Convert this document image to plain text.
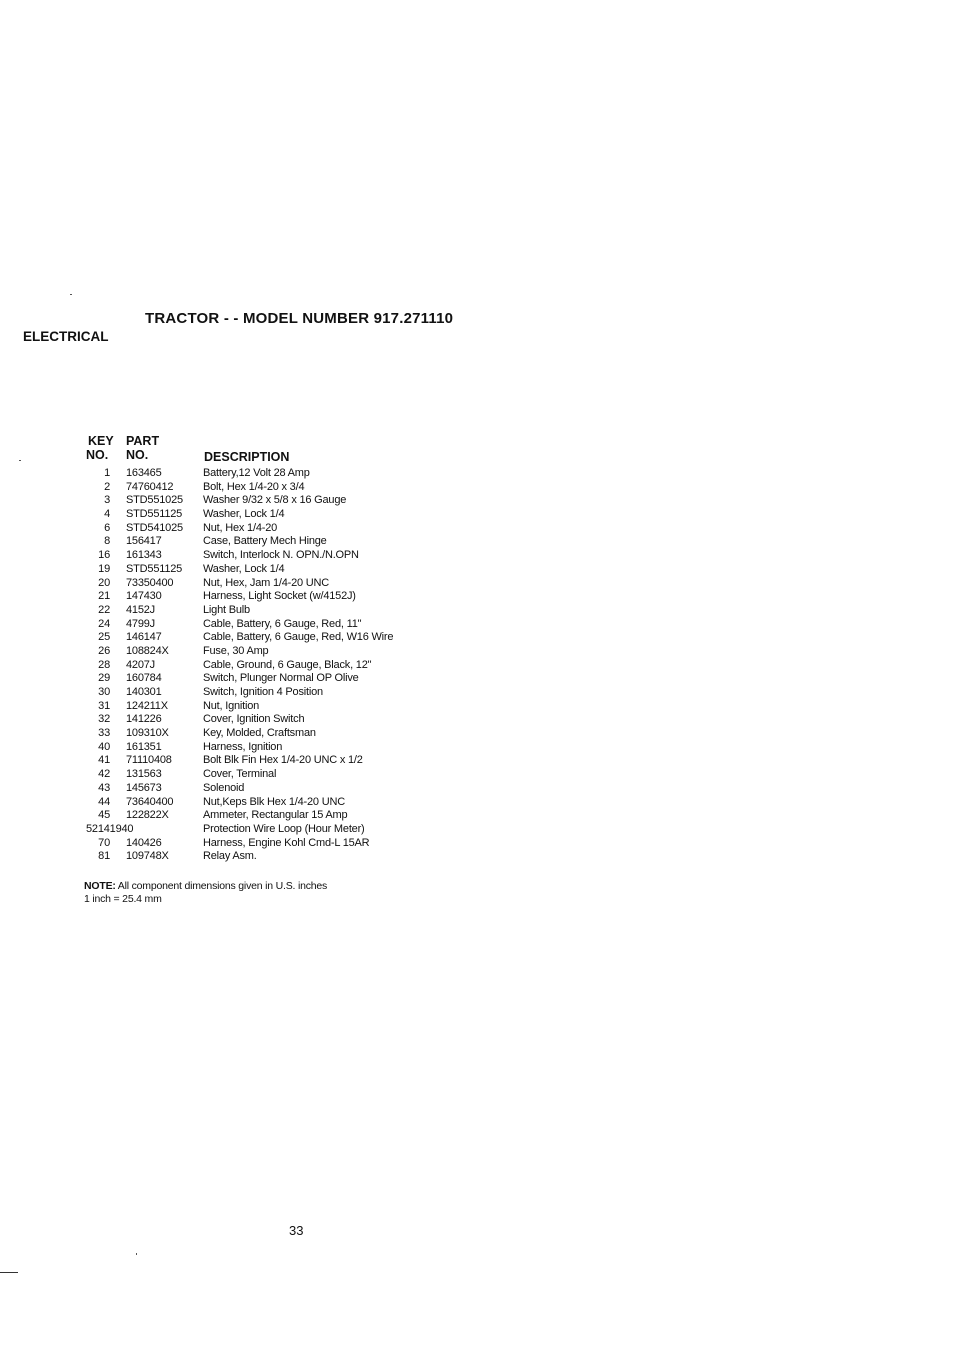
TRACTOR - - MODEL NUMBER 917.271110
ELECTRICAL
KEY
NO.
PART
NO.	DESCRIPTION
1 163465	Battery,12 Volt 28 Amp
2 74760412	Bolt, Hex 1/4-20 x 3/4
3 STD551025 Washer 9/32 x 5/8 x 16 Gauge
4 STD551125 Washer, Lock 1/4
6 STD541025 Nut, Hex 1/4-20
8 156417	Case, Battery Mech Hinge
16 161343	Switch, Interlock N. OPN./N.OPN
19 STD551125 Washer, Lock 1/4
20 73350400	Nut, Hex, Jam 1/4-20 UNC
21 147430	Harness, Light Socket (w/4152J)
22 4152J	Light Bulb
24 4799J	Cable, Battery, 6 Gauge, Red, 11"
25 146147	Cable, Battery, 6 Gauge, Red, W16 Wire
26 108824X	Fuse, 30 Amp
28 4207J	Cable, Ground, 6 Gauge, Black, 12"
29 160784	Switch, Plunger Normal OP Olive
30 140301	Switch, Ignition 4 Position
31 124211X	Nut, Ignition
32 141226	Cover, Ignition Switch
33 109310X	Key, Molded, Craftsman
40 161351	Harness, Ignition
41 71110408	Bolt Blk Fin Hex 1/4-20 UNC x 1/2
42 131563	Cover, Terminal
43 145673	Solenoid
44 73640400	Nut,Keps Blk Hex 1/4-20 UNC
45 122822X	Ammeter, Rectangular 15 Amp
52141940	Protection Wire Loop (Hour Meter)
70 140426	Harness, Engine Kohl Cmd-L 15AR
81 109748X	Relay Asm.
NOTE: All component dimensions given in U.S. inches
1 inch = 25.4 mm
33
